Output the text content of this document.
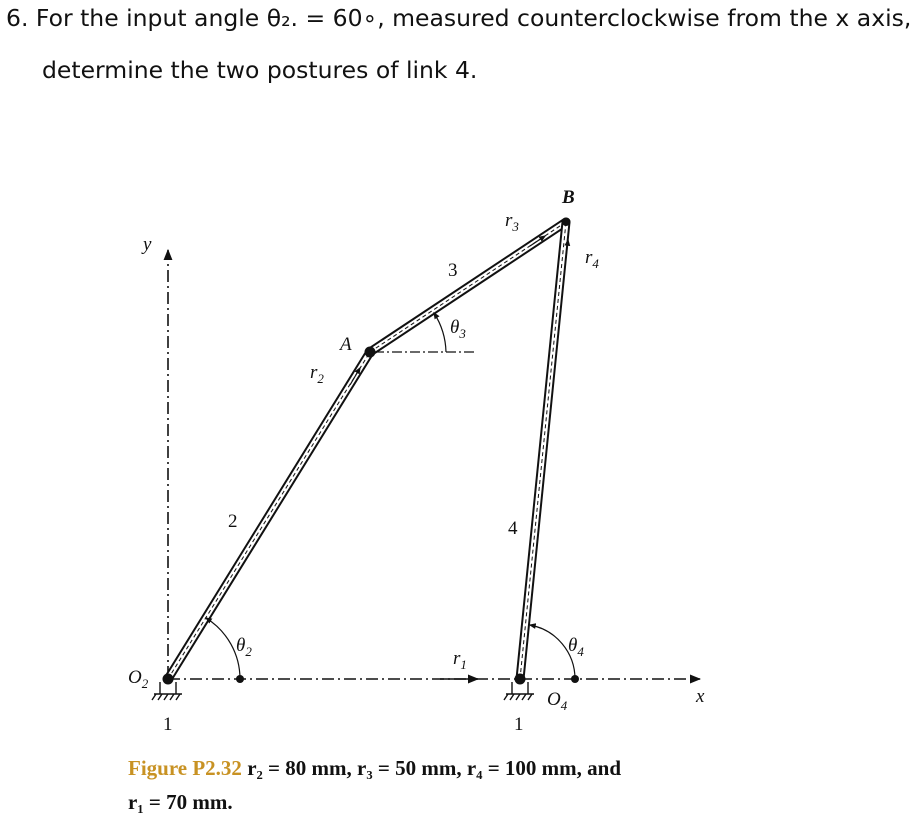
6. For the input angle θ₂. = 60∘, measured counterclockwise from the x axis,
determine the two postures of link 4.
y
x
$O_2$
$O_4$
A
B
2
3
4
1	1
$r_1$
$r_2$
$r_3$
$r_4$
$\theta_2$
$\theta_3$
$\theta_4$
Figure P2.32 r₂ = 80 mm, r₃ = 50 mm, r₄ = 100 mm, and
r₁ = 70 mm.
